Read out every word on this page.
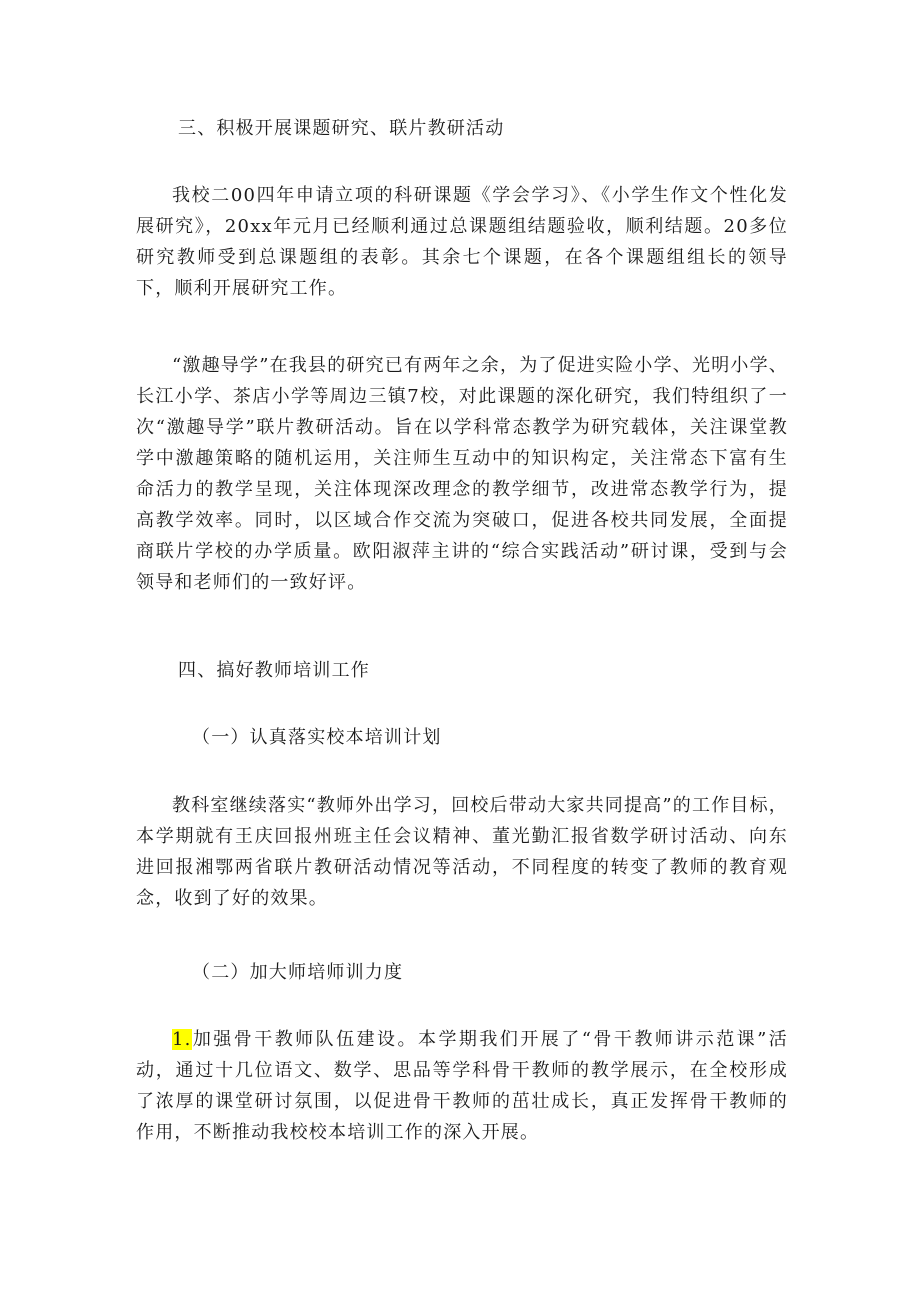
三、积极开展课题研究、联片教研活动

我校二00四年申请立项的科研课题《学会学习》、《小学生作文个性化发展研究》，20xx年元月已经顺利通过总课题组结题验收，顺利结题。20多位研究教师受到总课题组的表彰。其余七个课题，在各个课题组组长的领导下，顺利开展研究工作。

“激趣导学”在我县的研究已有两年之余，为了促进实险小学、光明小学、长江小学、茶店小学等周边三镇7校，对此课题的深化研究，我们特组织了一次“激趣导学”联片教研活动。旨在以学科常态教学为研究载体，关注课堂教学中激趣策略的随机运用，关注师生互动中的知识构定，关注常态下富有生命活力的教学呈现，关注体现深改理念的教学细节，改进常态教学行为，提高教学效率。同时，以区域合作交流为突破口，促进各校共同发展，全面提商联片学校的办学质量。欧阳淑萍主讲的“综合实践活动”研讨课，受到与会领导和老师们的一致好评。

四、搞好教师培训工作

（一）认真落实校本培训计划

教科室继续落实“教师外出学习，回校后带动大家共同提高”的工作目标，本学期就有王庆回报州班主任会议精神、董光勤汇报省数学研讨活动、向东进回报湘鄂两省联片教研活动情况等活动，不同程度的转变了教师的教育观念，收到了好的效果。

（二）加大师培师训力度

1.加强骨干教师队伍建设。本学期我们开展了“骨干教师讲示范课”活动，通过十几位语文、数学、思品等学科骨干教师的教学展示，在全校形成了浓厚的课堂研讨氛围，以促进骨干教师的茁壮成长，真正发挥骨干教师的作用，不断推动我校校本培训工作的深入开展。
